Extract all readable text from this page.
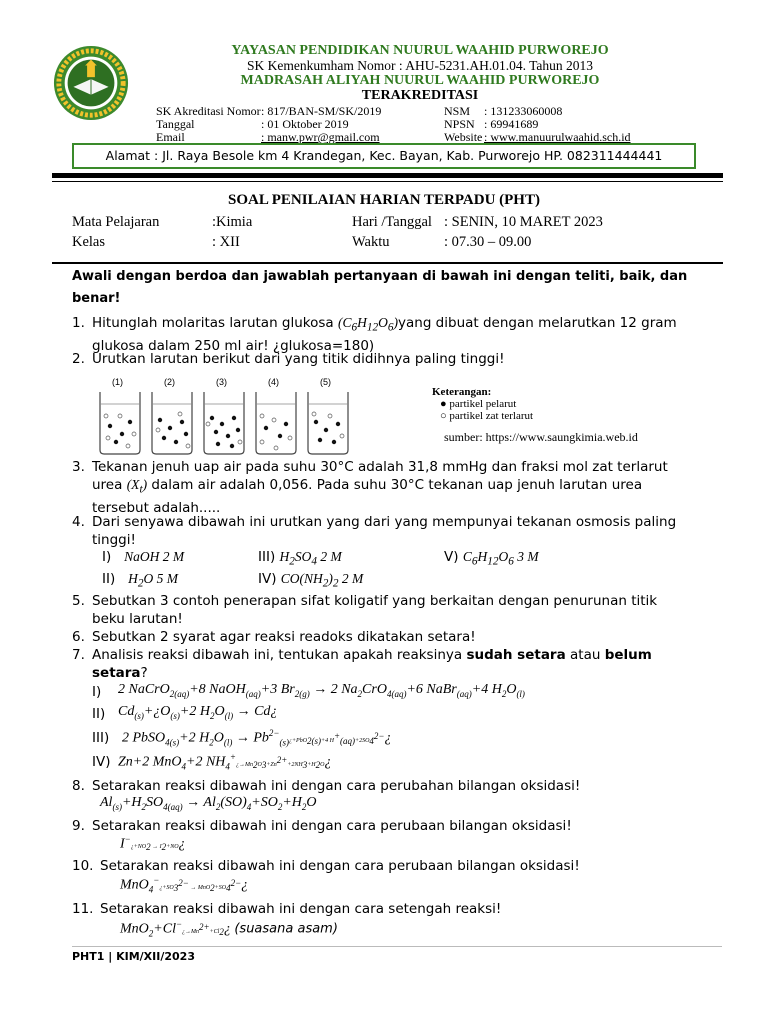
YAYASAN PENDIDIKAN NUURUL WAAHID PURWOREJO
SK Kemenkumham Nomor : AHU-5231.AH.01.04. Tahun 2013
MADRASAH ALIYAH NUURUL WAAHID PURWOREJO
TERAKREDITASI
SK Akreditasi Nomor : 817/BAN-SM/SK/2019
Tanggal	: 01 Oktober 2019
Email	: manw.pwr@gmail.com
NSM : 131233060008
NPSN : 69941689
Website : www.manuurulwaahid.sch.id
Alamat : Jl. Raya Besole km 4 Krandegan, Kec. Bayan, Kab. Purworejo HP. 082311444441
SOAL PENILAIAN HARIAN TERPADU (PHT)
Mata Pelajaran	:Kimia	Hari /Tanggal : SENIN, 10 MARET 2023
Kelas	: XII	Waktu	: 07.30 – 09.00
Awali dengan berdoa dan jawablah pertanyaan di bawah ini dengan teliti, baik, dan
benar!
1. Hitunglah molaritas larutan glukosa $(C_6H_{12}O_6)yang$ dibuat dengan melarutkan 12 gram
glukosa dalam 250 ml air! ¿glukosa=180)
2. Urutkan larutan berikut dari yang titik didihnya paling tinggi!
(1)	(2)	(3)	(4)	(5)
Keterangan:
● partikel pelarut
○ partikel zat terlarut
sumber: https://www.saungkimia.web.id
3. Tekanan jenuh uap air pada suhu 30°C adalah 31,8 mmHg dan fraksi mol zat terlarut
urea $(X_t)$ dalam air adalah 0,056. Pada suhu 30°C tekanan uap jenuh larutan urea
tersebut adalah.....
4. Dari senyawa dibawah ini urutkan yang dari yang mempunyai tekanan osmosis paling
tinggi!
I) NaOH 2 M	III) $H_2SO_4$ 2 M	V) $C_6H_{12}O_6$ 3 M
II) $H_2O$ 5 M	IV) $CO(NH_2)_2$ 2 M
5. Sebutkan 3 contoh penerapan sifat koligatif yang berkaitan dengan penurunan titik
beku larutan!
6. Sebutkan 2 syarat agar reaksi readoks dikatakan setara!
7. Analisis reaksi dibawah ini, tentukan apakah reaksinya sudah setara atau belum
setara?
I) 2 NaCrO$_{2(aq)}$+8 NaOH$_{(aq)}$+3 $Br_{2(g)} \to 2$ $Na_2CrO_{4(aq)}+6$ NaBr$_{(aq)}$+4 $H_2O_{(l)}$
II) $Cd_{(s)}+¿O_{(s)}+2$ $H_2O_{(l)}$ → Cd¿
III) 2 PbSO$_{4(s)}$+2 $H_2O_{(l)}$ → $Pb^{2-}_{(s)}¿+PbO_{2(s)}+4$ $H^+_{(aq)}+2SO_4^{2-}¿$
IV) Zn+2 MnO$_4$+2 $NH_4^+¿\to Mn_2O_3+Zn^{2+}+2NH_3+H_2O¿$
8. Setarakan reaksi dibawah ini dengan cara perubahan bilangan oksidasi!
$Al_{(s)}+H_2SO_{4(aq)} \to Al_2(SO)_4+SO_2+H_2O$
9. Setarakan reaksi dibawah ini dengan cara perubaan bilangan oksidasi!
$I^-¿+NO_2$ → $I_2+NO¿$
10. Setarakan reaksi dibawah ini dengan cara perubaan bilangan oksidasi!
$MnO_4^-¿+SO_3^{2-}$ → $MnO_2+SO_4^{2-}¿$
11. Setarakan reaksi dibawah ini dengan cara setengah reaksi!
$MnO_2+Cl^-¿\to Mn^{2+}+Cl_2¿$ (suasana asam)
PHT1 | KIM/XII/2023
